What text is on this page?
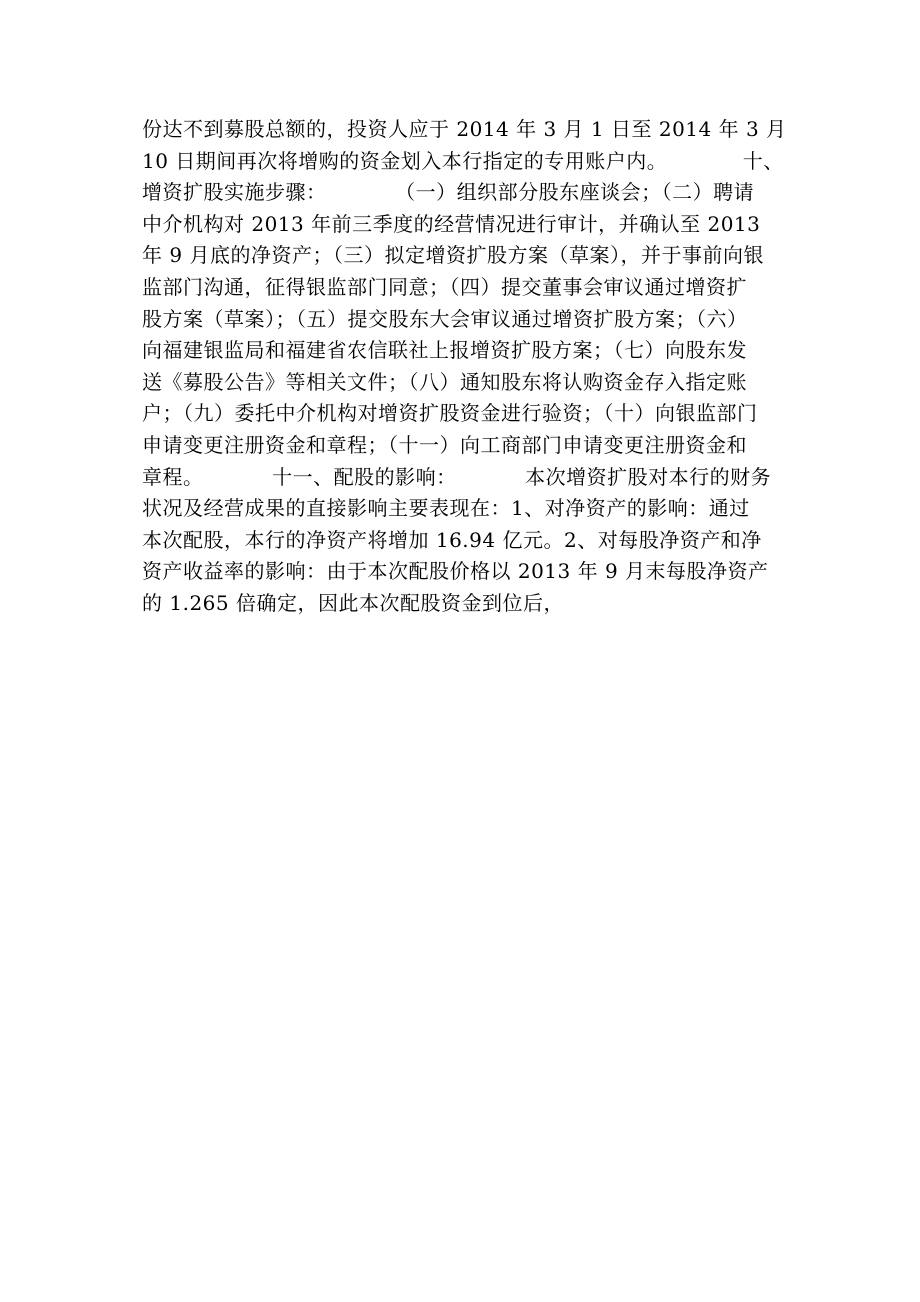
份达不到募股总额的，投资人应于 2014 年 3 月 1 日至 2014 年 3 月
10 日期间再次将增购的资金划入本行指定的专用账户内。           十、
增资扩股实施步骤：          （一）组织部分股东座谈会；（二）聘请
中介机构对 2013 年前三季度的经营情况进行审计，并确认至 2013
年 9 月底的净资产；（三）拟定增资扩股方案（草案），并于事前向银
监部门沟通，征得银监部门同意；（四）提交董事会审议通过增资扩
股方案（草案）；（五）提交股东大会审议通过增资扩股方案；（六）
向福建银监局和福建省农信联社上报增资扩股方案；（七）向股东发
送《募股公告》等相关文件；（八）通知股东将认购资金存入指定账
户；（九）委托中介机构对增资扩股资金进行验资；（十）向银监部门
申请变更注册资金和章程；（十一）向工商部门申请变更注册资金和
章程。          十一、配股的影响：          本次增资扩股对本行的财务
状况及经营成果的直接影响主要表现在：1、对净资产的影响：通过
本次配股，本行的净资产将增加 16.94 亿元。2、对每股净资产和净
资产收益率的影响：由于本次配股价格以 2013 年 9 月末每股净资产
的 1.265 倍确定，因此本次配股资金到位后，
